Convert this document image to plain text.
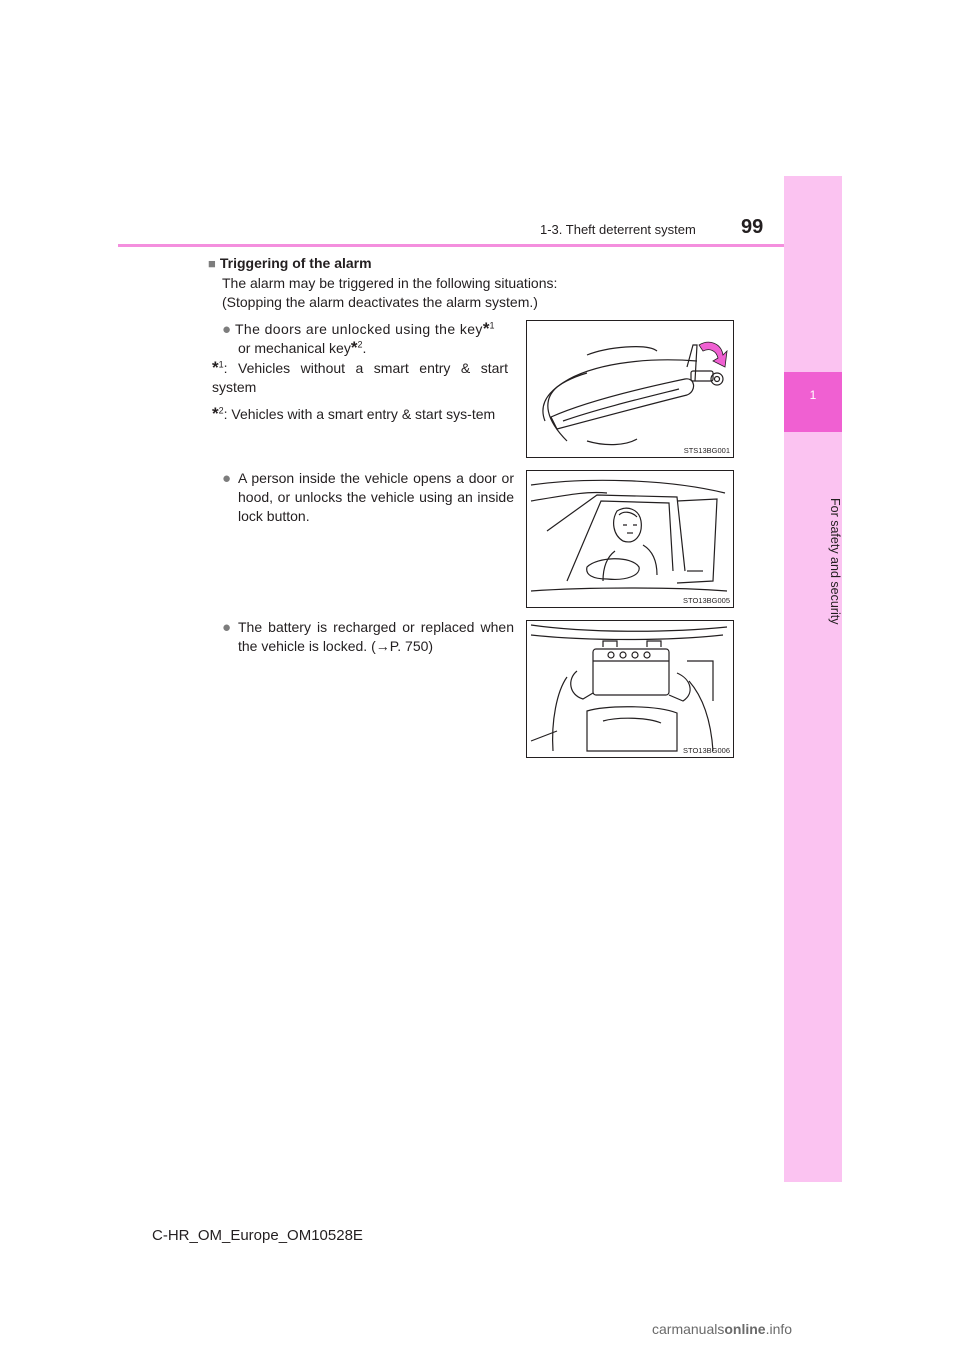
1
For safety and security
1-3. Theft deterrent system 99
■ Triggering of the alarm
The alarm may be triggered in the following situations:
(Stopping the alarm deactivates the alarm system.)
● The doors are unlocked using the key*$^1$
or mechanical key*$^2$.
*$^1$: Vehicles without a smart entry & start system
*$^2$: Vehicles with a smart entry & start sys-tem
● A person inside the vehicle opens a door or hood, or unlocks the vehicle using an inside lock button.
● The battery is recharged or replaced when the vehicle is locked. (→P. 750)
STS13BG001
STO13BG005
STO13BG006
C-HR_OM_Europe_OM10528E
carmanualsonline.info
